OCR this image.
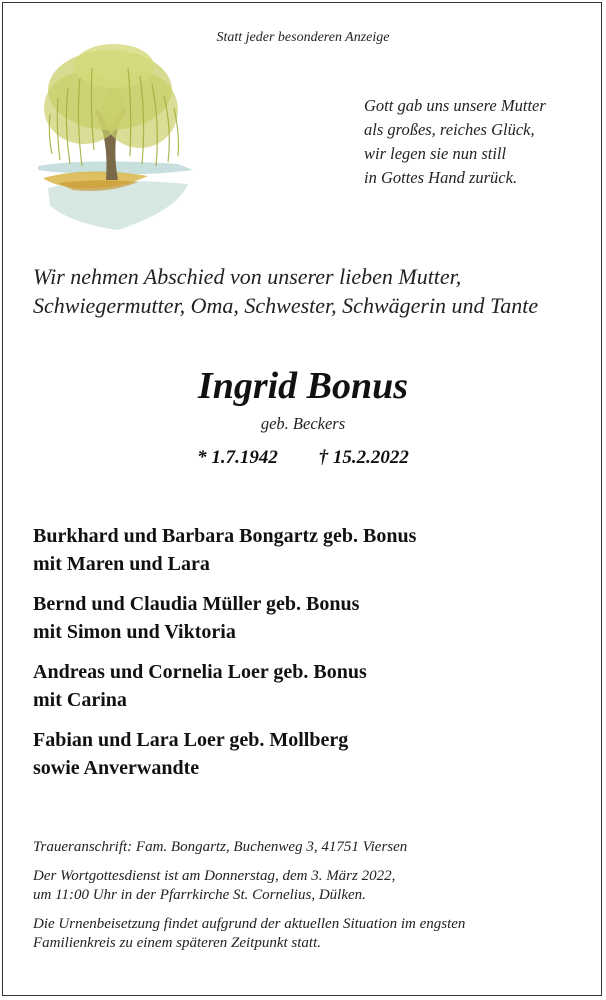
Statt jeder besonderen Anzeige
Gott gab uns unsere Mutter
als großes, reiches Glück,
wir legen sie nun still
in Gottes Hand zurück.
Wir nehmen Abschied von unserer lieben Mutter,
Schwiegermutter, Oma, Schwester, Schwägerin und Tante
Ingrid Bonus
geb. Beckers
* 1.7.1942 † 15.2.2022
Burkhard und Barbara Bongartz geb. Bonus
mit Maren und Lara
Bernd und Claudia Müller geb. Bonus
mit Simon und Viktoria
Andreas und Cornelia Loer geb. Bonus
mit Carina
Fabian und Lara Loer geb. Mollberg
sowie Anverwandte

Traueranschrift: Fam. Bongartz, Buchenweg 3, 41751 Viersen

Der Wortgottesdienst ist am Donnerstag, dem 3. März 2022,
um 11:00 Uhr in der Pfarrkirche St. Cornelius, Dülken.

Die Urnenbeisetzung findet aufgrund der aktuellen Situation im engsten
Familienkreis zu einem späteren Zeitpunkt statt.
